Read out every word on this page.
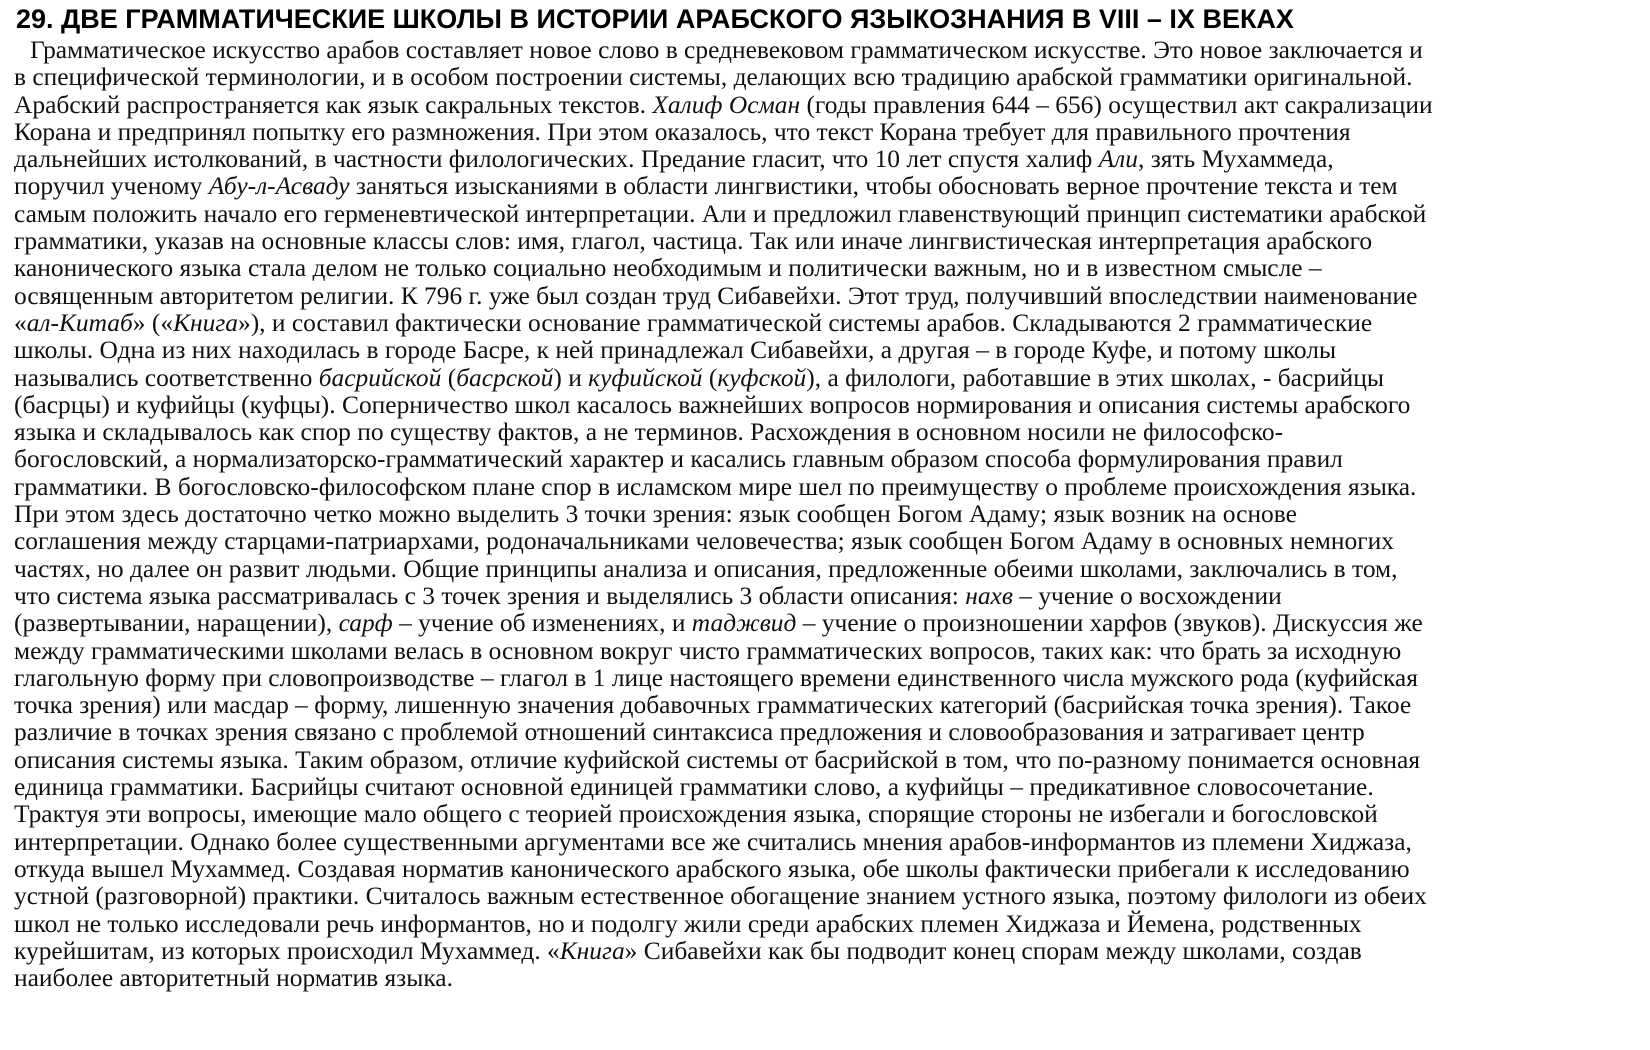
29. ДВЕ ГРАММАТИЧЕСКИЕ ШКОЛЫ В ИСТОРИИ АРАБСКОГО ЯЗЫКОЗНАНИЯ В VIII – IX ВЕКАХ
Грамматическое искусство арабов составляет новое слово в средневековом грамматическом искусстве. Это новое заключается и
в специфической терминологии, и в особом построении системы, делающих всю традицию арабской грамматики оригинальной.
Арабский распространяется как язык сакральных текстов. Халиф Осман (годы правления 644 – 656) осуществил акт сакрализации
Корана и предпринял попытку его размножения. При этом оказалось, что текст Корана требует для правильного прочтения
дальнейших истолкований, в частности филологических. Предание гласит, что 10 лет спустя халиф Али, зять Мухаммеда,
поручил ученому Абу-л-Асваду заняться изысканиями в области лингвистики, чтобы обосновать верное прочтение текста и тем
самым положить начало его герменевтической интерпретации. Али и предложил главенствующий принцип систематики арабской
грамматики, указав на основные классы слов: имя, глагол, частица. Так или иначе лингвистическая интерпретация арабского
канонического языка стала делом не только социально необходимым и политически важным, но и в известном смысле –
освященным авторитетом религии. К 796 г. уже был создан труд Сибавейхи. Этот труд, получивший впоследствии наименование
«ал-Китаб» («Книга»), и составил фактически основание грамматической системы арабов. Складываются 2 грамматические
школы. Одна из них находилась в городе Басре, к ней принадлежал Сибавейхи, а другая – в городе Куфе, и потому школы
назывались соответственно басрийской (басрской) и куфийской (куфской), а филологи, работавшие в этих школах, - басрийцы
(басрцы) и куфийцы (куфцы). Соперничество школ касалось важнейших вопросов нормирования и описания системы арабского
языка и складывалось как спор по существу фактов, а не терминов. Расхождения в основном носили не философско-
богословский, а нормализаторско-грамматический характер и касались главным образом способа формулирования правил
грамматики. В богословско-философском плане спор в исламском мире шел по преимуществу о проблеме происхождения языка.
При этом здесь достаточно четко можно выделить 3 точки зрения: язык сообщен Богом Адаму; язык возник на основе
соглашения между старцами-патриархами, родоначальниками человечества; язык сообщен Богом Адаму в основных немногих
частях, но далее он развит людьми. Общие принципы анализа и описания, предложенные обеими школами, заключались в том,
что система языка рассматривалась с 3 точек зрения и выделялись 3 области описания: нахв – учение о восхождении
(развертывании, наращении), сарф – учение об изменениях, и таджвид – учение о произношении харфов (звуков). Дискуссия же
между грамматическими школами велась в основном вокруг чисто грамматических вопросов, таких как: что брать за исходную
глагольную форму при словопроизводстве – глагол в 1 лице настоящего времени единственного числа мужского рода (куфийская
точка зрения) или масдар – форму, лишенную значения добавочных грамматических категорий (басрийская точка зрения). Такое
различие в точках зрения связано с проблемой отношений синтаксиса предложения и словообразования и затрагивает центр
описания системы языка. Таким образом, отличие куфийской системы от басрийской в том, что по-разному понимается основная
единица грамматики. Басрийцы считают основной единицей грамматики слово, а куфийцы – предикативное словосочетание.
Трактуя эти вопросы, имеющие мало общего с теорией происхождения языка, спорящие стороны не избегали и богословской
интерпретации. Однако более существенными аргументами все же считались мнения арабов-информантов из племени Хиджаза,
откуда вышел Мухаммед. Создавая норматив канонического арабского языка, обе школы фактически прибегали к исследованию
устной (разговорной) практики. Считалось важным естественное обогащение знанием устного языка, поэтому филологи из обеих
школ не только исследовали речь информантов, но и подолгу жили среди арабских племен Хиджаза и Йемена, родственных
курейшитам, из которых происходил Мухаммед. «Книга» Сибавейхи как бы подводит конец спорам между школами, создав
наиболее авторитетный норматив языка.
